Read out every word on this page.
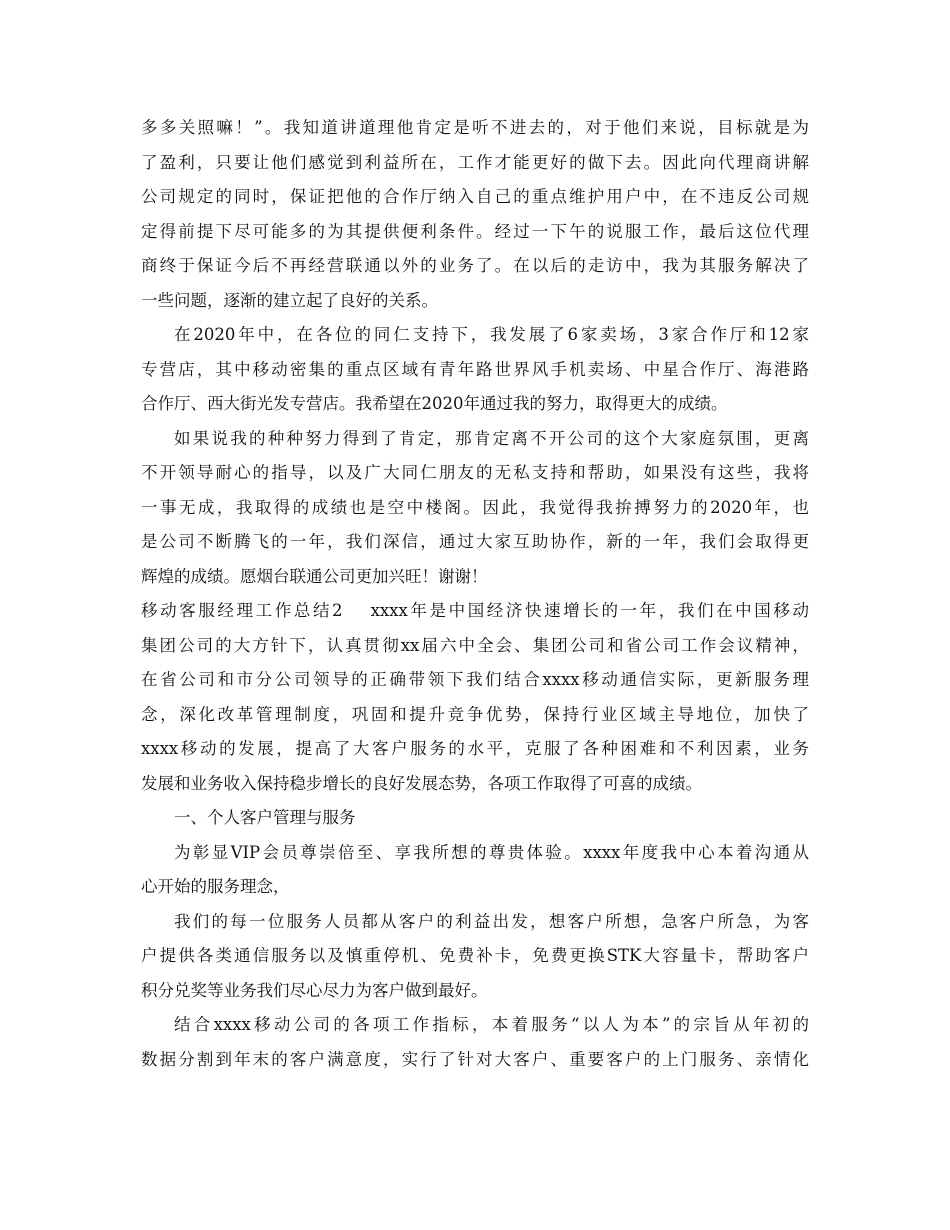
多多关照嘛！”。我知道讲道理他肯定是听不进去的，对于他们来说，目标就是为
了盈利，只要让他们感觉到利益所在，工作才能更好的做下去。因此向代理商讲解
公司规定的同时，保证把他的合作厅纳入自己的重点维护用户中，在不违反公司规
定得前提下尽可能多的为其提供便利条件。经过一下午的说服工作，最后这位代理
商终于保证今后不再经营联通以外的业务了。在以后的走访中，我为其服务解决了
一些问题，逐渐的建立起了良好的关系。
在2020年中，在各位的同仁支持下，我发展了6家卖场，3家合作厅和12家
专营店，其中移动密集的重点区域有青年路世界风手机卖场、中星合作厅、海港路
合作厅、西大街光发专营店。我希望在2020年通过我的努力，取得更大的成绩。
如果说我的种种努力得到了肯定，那肯定离不开公司的这个大家庭氛围，更离
不开领导耐心的指导，以及广大同仁朋友的无私支持和帮助，如果没有这些，我将
一事无成，我取得的成绩也是空中楼阁。因此，我觉得我拚搏努力的2020年，也
是公司不断腾飞的一年，我们深信，通过大家互助协作，新的一年，我们会取得更
辉煌的成绩。愿烟台联通公司更加兴旺！谢谢！
移动客服经理工作总结2 xxxx年是中国经济快速增长的一年，我们在中国移动
集团公司的大方针下，认真贯彻xx届六中全会、集团公司和省公司工作会议精神，
在省公司和市分公司领导的正确带领下我们结合xxxx移动通信实际，更新服务理
念，深化改革管理制度，巩固和提升竞争优势，保持行业区域主导地位，加快了
xxxx移动的发展，提高了大客户服务的水平，克服了各种困难和不利因素，业务
发展和业务收入保持稳步增长的良好发展态势，各项工作取得了可喜的成绩。
一、个人客户管理与服务
为彰显VIP会员尊崇倍至、享我所想的尊贵体验。xxxx年度我中心本着沟通从
心开始的服务理念，
我们的每一位服务人员都从客户的利益出发，想客户所想，急客户所急，为客
户提供各类通信服务以及慎重停机、免费补卡，免费更换STK大容量卡，帮助客户
积分兑奖等业务我们尽心尽力为客户做到最好。
结合xxxx移动公司的各项工作指标，本着服务“以人为本”的宗旨从年初的
数据分割到年末的客户满意度，实行了针对大客户、重要客户的上门服务、亲情化
